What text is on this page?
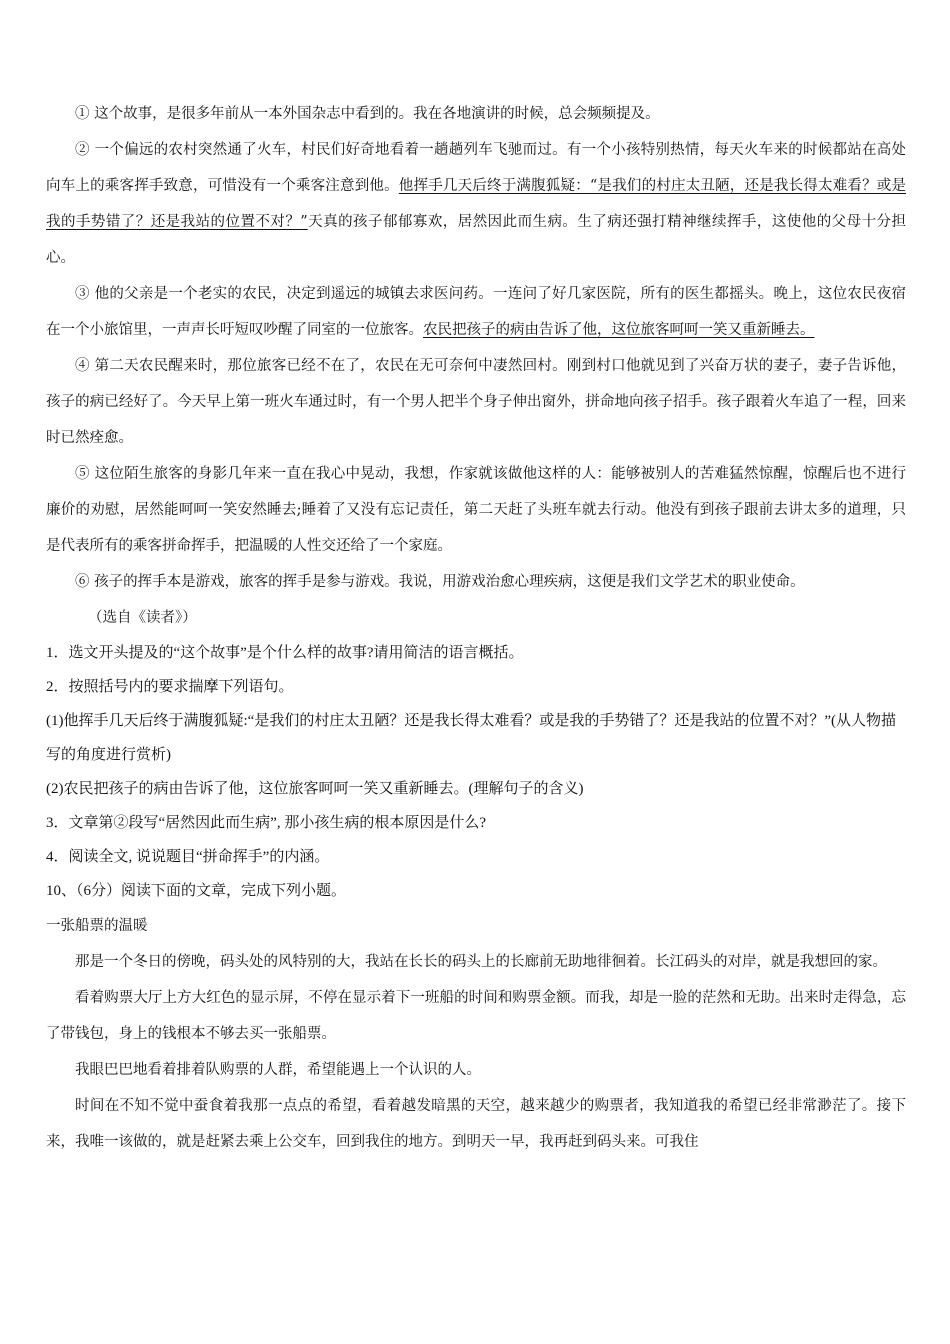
① 这个故事，是很多年前从一本外国杂志中看到的。我在各地演讲的时候，总会频频提及。

② 一个偏远的农村突然通了火车，村民们好奇地看着一趟趟列车飞驰而过。有一个小孩特别热情，每天火车来的时候都站在高处向车上的乘客挥手致意，可惜没有一个乘客注意到他。他挥手几天后终于满腹狐疑：“是我们的村庄太丑陋，还是我长得太难看？或是我的手势错了？还是我站的位置不对？”天真的孩子郁郁寡欢，居然因此而生病。生了病还强打精神继续挥手，这使他的父母十分担心。

③ 他的父亲是一个老实的农民，决定到遥远的城镇去求医问药。一连问了好几家医院，所有的医生都摇头。晚上，这位农民夜宿在一个小旅馆里，一声声长吁短叹吵醒了同室的一位旅客。农民把孩子的病由告诉了他，这位旅客呵呵一笑又重新睡去。

④ 第二天农民醒来时，那位旅客已经不在了，农民在无可奈何中凄然回村。刚到村口他就见到了兴奋万状的妻子，妻子告诉他，孩子的病已经好了。今天早上第一班火车通过时，有一个男人把半个身子伸出窗外，拼命地向孩子招手。孩子跟着火车追了一程，回来时已然痊愈。

⑤ 这位陌生旅客的身影几年来一直在我心中晃动，我想，作家就该做他这样的人：能够被别人的苦难猛然惊醒，惊醒后也不进行廉价的劝慰，居然能呵呵一笑安然睡去;睡着了又没有忘记责任，第二天赶了头班车就去行动。他没有到孩子跟前去讲太多的道理，只是代表所有的乘客拼命挥手，把温暖的人性交还给了一个家庭。

⑥ 孩子的挥手本是游戏，旅客的挥手是参与游戏。我说，用游戏治愈心理疾病，这便是我们文学艺术的职业使命。

（选自《读者》）

1．选文开头提及的“这个故事”是个什么样的故事?请用简洁的语言概括。

2．按照括号内的要求揣摩下列语句。

(1)他挥手几天后终于满腹狐疑:“是我们的村庄太丑陋？还是我长得太难看？或是我的手势错了？还是我站的位置不对？”(从人物描写的角度进行赏析)

(2)农民把孩子的病由告诉了他，这位旅客呵呵一笑又重新睡去。(理解句子的含义)

3．文章第②段写“居然因此而生病”, 那小孩生病的根本原因是什么?

4．阅读全文, 说说题目“拼命挥手”的内涵。

10、（6分）阅读下面的文章，完成下列小题。

一张船票的温暖

那是一个冬日的傍晚，码头处的风特别的大，我站在长长的码头上的长廊前无助地徘徊着。长江码头的对岸，就是我想回的家。

看着购票大厅上方大红色的显示屏，不停在显示着下一班船的时间和购票金额。而我，却是一脸的茫然和无助。出来时走得急，忘了带钱包，身上的钱根本不够去买一张船票。

我眼巴巴地看着排着队购票的人群，希望能遇上一个认识的人。

时间在不知不觉中蚕食着我那一点点的希望，看着越发暗黑的天空，越来越少的购票者，我知道我的希望已经非常渺茫了。接下来，我唯一该做的，就是赶紧去乘上公交车，回到我住的地方。到明天一早，我再赶到码头来。可我住
